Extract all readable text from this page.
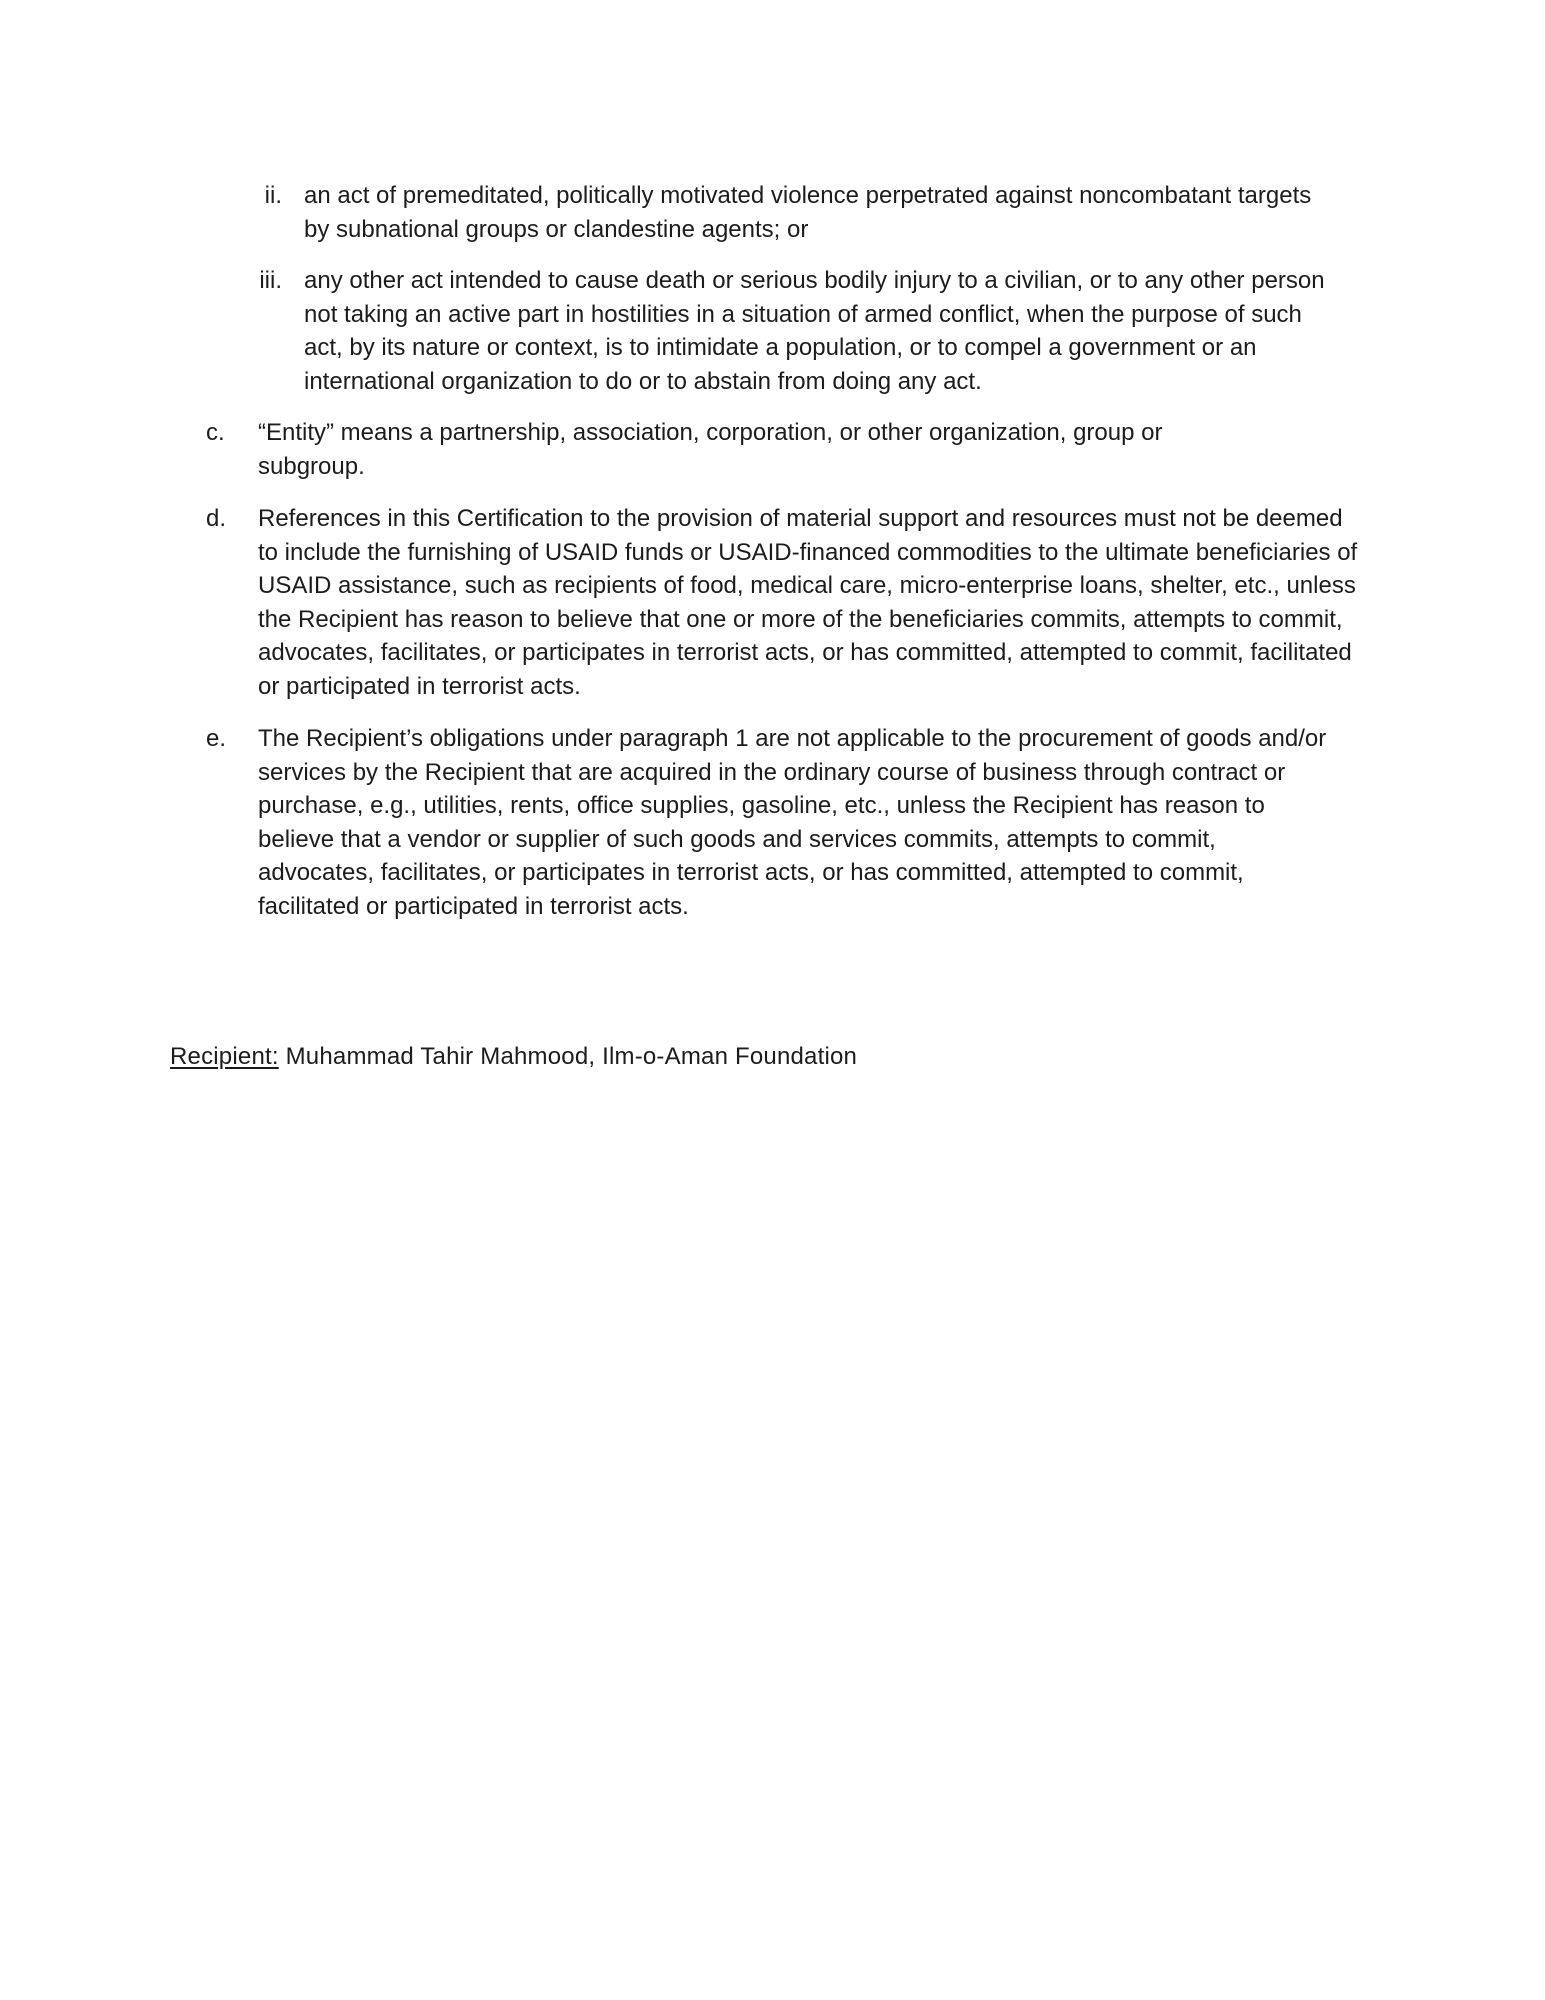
ii. an act of premeditated, politically motivated violence perpetrated against noncombatant targets by subnational groups or clandestine agents; or
iii. any other act intended to cause death or serious bodily injury to a civilian, or to any other person not taking an active part in hostilities in a situation of armed conflict, when the purpose of such act, by its nature or context, is to intimidate a population, or to compel a government or an international organization to do or to abstain from doing any act.
c. “Entity” means a partnership, association, corporation, or other organization, group or subgroup.
d. References in this Certification to the provision of material support and resources must not be deemed to include the furnishing of USAID funds or USAID-financed commodities to the ultimate beneficiaries of USAID assistance, such as recipients of food, medical care, micro-enterprise loans, shelter, etc., unless the Recipient has reason to believe that one or more of the beneficiaries commits, attempts to commit, advocates, facilitates, or participates in terrorist acts, or has committed, attempted to commit, facilitated or participated in terrorist acts.
e. The Recipient’s obligations under paragraph 1 are not applicable to the procurement of goods and/or services by the Recipient that are acquired in the ordinary course of business through contract or purchase, e.g., utilities, rents, office supplies, gasoline, etc., unless the Recipient has reason to believe that a vendor or supplier of such goods and services commits, attempts to commit, advocates, facilitates, or participates in terrorist acts, or has committed, attempted to commit, facilitated or participated in terrorist acts.
Recipient: Muhammad Tahir Mahmood, Ilm-o-Aman Foundation
